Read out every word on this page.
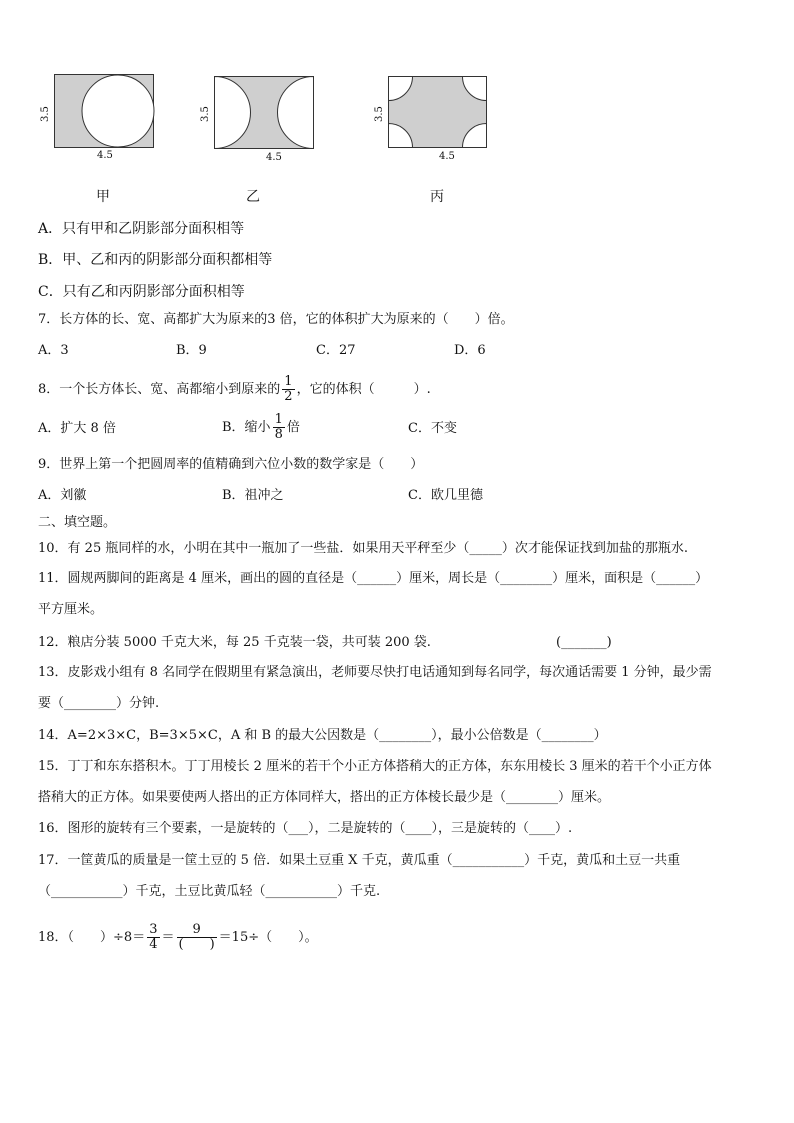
3.5
4.5
3.5
4.5
3.5
4.5
甲	乙	丙
A．只有甲和乙阴影部分面积相等
B．甲、乙和丙的阴影部分面积都相等
C．只有乙和丙阴影部分面积相等
7．长方体的长、宽、高都扩大为原来的3 倍，它的体积扩大为原来的（　　）倍。
A．3	B．9	C．27	D．6
8．一个长方体长、宽、高都缩小到原来的 $\frac{1}{2}$ ，它的体积（　　　）.
A．扩大 8 倍	B．缩小 $\frac{1}{8}$ 倍	C．不变
9．世界上第一个把圆周率的值精确到六位小数的数学家是（　　）
A．刘徽	B．祖冲之	C．欧几里德
二、填空题。
10．有 25 瓶同样的水，小明在其中一瓶加了一些盐．如果用天平秤至少（_____）次才能保证找到加盐的那瓶水.
11．圆规两脚间的距离是 4 厘米，画出的圆的直径是（______）厘米，周长是（________）厘米，面积是（______）
平方厘米。
12．粮店分装 5000 千克大米，每 25 千克装一袋，共可装 200 袋.	(_______)
13．皮影戏小组有 8 名同学在假期里有紧急演出，老师要尽快打电话通知到每名同学，每次通话需要 1 分钟，最少需
要（________）分钟.
14．A=2×3×C，B=3×5×C，A 和 B 的最大公因数是（________），最小公倍数是（________）
15．丁丁和东东搭积木。丁丁用棱长 2 厘米的若干个小正方体搭稍大的正方体，东东用棱长 3 厘米的若干个小正方体
搭稍大的正方体。如果要使两人搭出的正方体同样大，搭出的正方体棱长最少是（________）厘米。
16．图形的旋转有三个要素，一是旋转的（___），二是旋转的（____），三是旋转的（____）.
17．一筐黄瓜的质量是一筐土豆的 5 倍．如果土豆重 X 千克，黄瓜重（___________）千克，黄瓜和土豆一共重
（___________）千克，土豆比黄瓜轻（___________）千克.
18．（　　）$\div 8= \frac{3}{4} = \frac{9}{( )} =15\div$（　　）。
